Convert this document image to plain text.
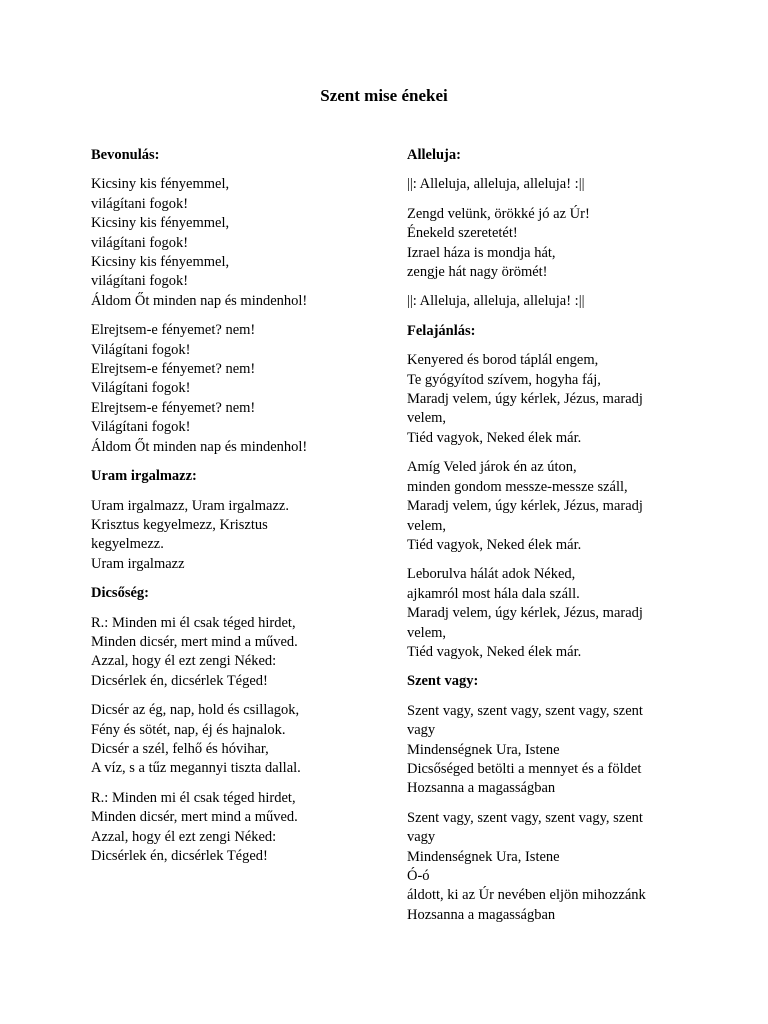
Szent mise énekei
Bevonulás:
Kicsiny kis fényemmel,
világítani fogok!
Kicsiny kis fényemmel,
világítani fogok!
Kicsiny kis fényemmel,
világítani fogok!
Áldom Őt minden nap és mindenhol!
Elrejtsem-e fényemet? nem!
Világítani fogok!
Elrejtsem-e fényemet? nem!
Világítani fogok!
Elrejtsem-e fényemet? nem!
Világítani fogok!
Áldom Őt minden nap és mindenhol!
Uram irgalmazz:
Uram irgalmazz, Uram irgalmazz.
Krisztus kegyelmezz, Krisztus
kegyelmezz.
Uram irgalmazz
Dicsőség:
R.: Minden mi él csak téged hirdet,
Minden dicsér, mert mind a műved.
Azzal, hogy él ezt zengi Néked:
Dicsérlek én, dicsérlek Téged!
Dicsér az ég, nap, hold és csillagok,
Fény és sötét, nap, éj és hajnalok.
Dicsér a szél, felhő és hóvihar,
A víz, s a tűz megannyi tiszta dallal.
R.: Minden mi él csak téged hirdet,
Minden dicsér, mert mind a műved.
Azzal, hogy él ezt zengi Néked:
Dicsérlek én, dicsérlek Téged!
Alleluja:
||: Alleluja, alleluja, alleluja! :||
Zengd velünk, örökké jó az Úr!
Énekeld szeretetét!
Izrael háza is mondja hát,
zengje hát nagy örömét!
||: Alleluja, alleluja, alleluja! :||
Felajánlás:
Kenyered és borod táplál engem,
Te gyógyítod szívem, hogyha fáj,
Maradj velem, úgy kérlek, Jézus, maradj
velem,
Tiéd vagyok, Neked élek már.
Amíg Veled járok én az úton,
minden gondom messze-messze száll,
Maradj velem, úgy kérlek, Jézus, maradj
velem,
Tiéd vagyok, Neked élek már.
Leborulva hálát adok Néked,
ajkamról most hála dala száll.
Maradj velem, úgy kérlek, Jézus, maradj
velem,
Tiéd vagyok, Neked élek már.
Szent vagy:
Szent vagy, szent vagy, szent vagy, szent
vagy
Mindenségnek Ura, Istene
Dicsőséged betölti a mennyet és a földet
Hozsanna a magasságban
Szent vagy, szent vagy, szent vagy, szent
vagy
Mindenségnek Ura, Istene
Ó-ó
áldott, ki az Úr nevében eljön mihozzánk
Hozsanna a magasságban
